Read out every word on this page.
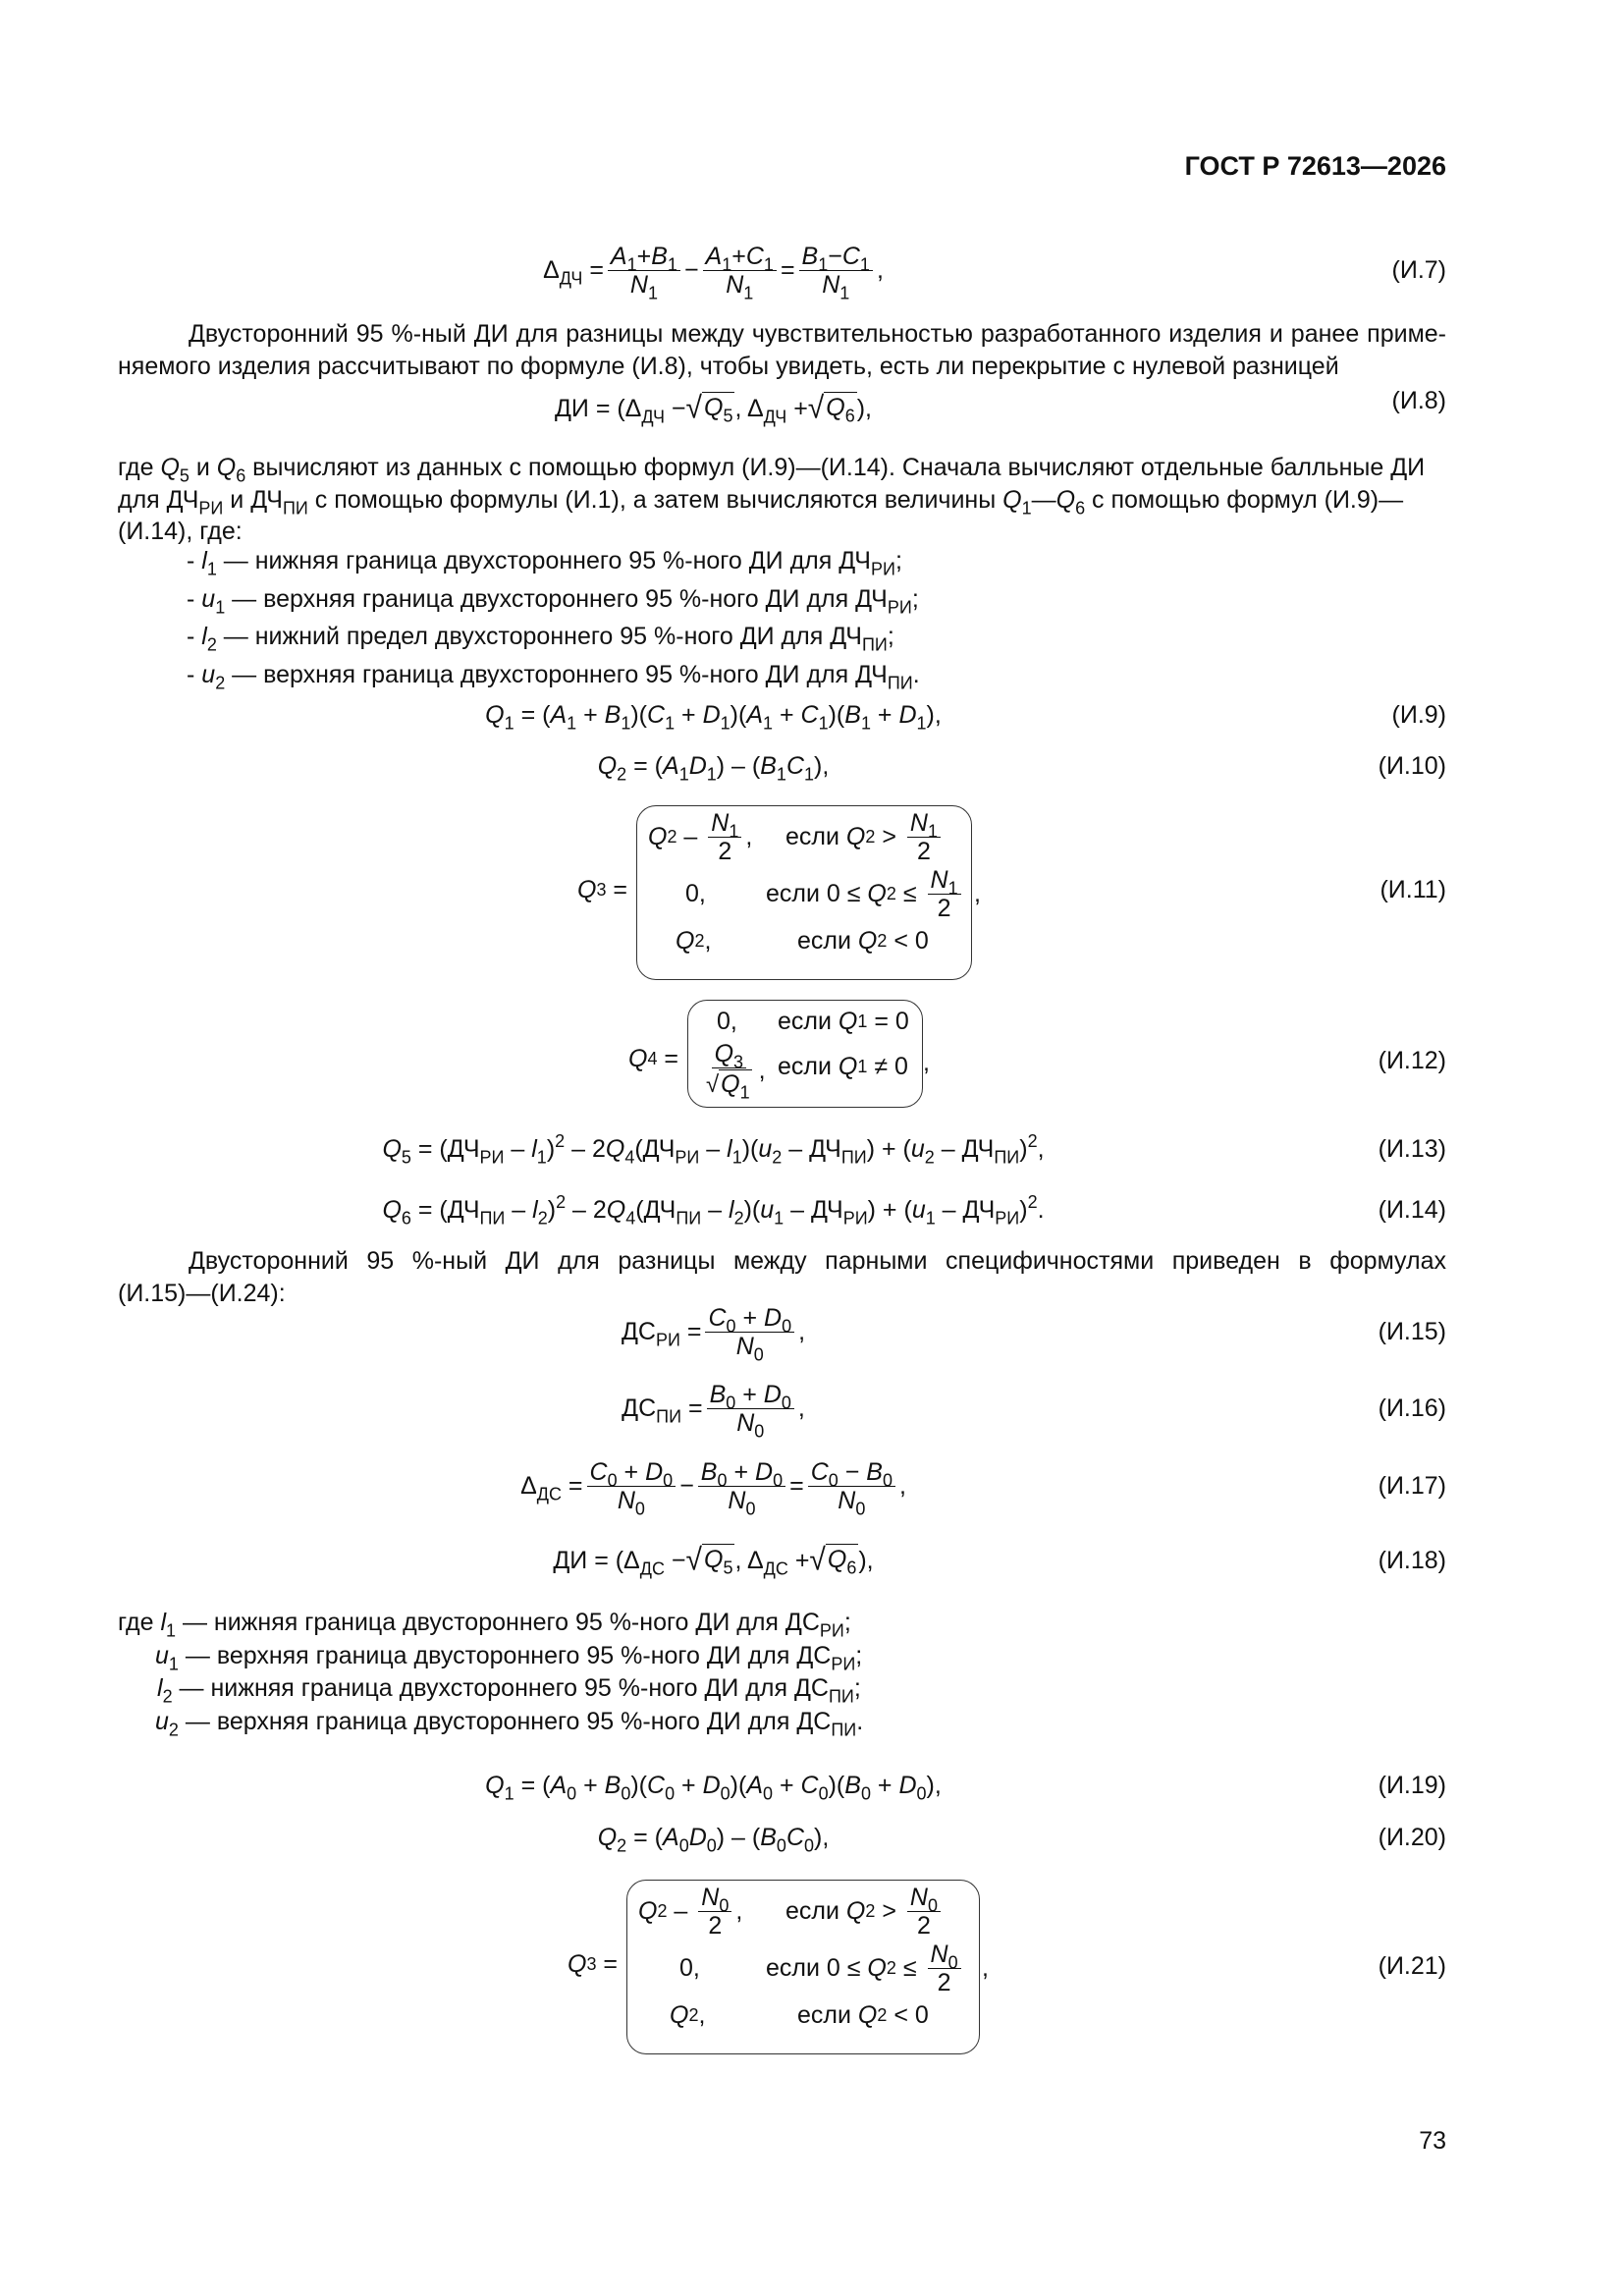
ГОСТ Р 72613—2026
$\Delta_{ДЧ} = \frac{A_1+B_1}{N_1} - \frac{A_1+C_1}{N_1} = \frac{B_1-C_1}{N_1}$ ,	(И.7)
Двусторонний 95 %-ный ДИ для разницы между чувствительностью разработанного изделия и ранее приме-
няемого изделия рассчитывают по формуле (И.8), чтобы увидеть, есть ли перекрытие с нулевой разницей
ДИ = ($\Delta_{ДЧ}$ − √ $Q_5$ , $\Delta_{ДЧ}$ + √ $Q_6$ ),	(И.8)
где $Q_5$ и $Q_6$ вычисляют из данных с помощью формул (И.9)—(И.14). Сначала вычисляют отдельные балльные ДИ
для $ДЧ_{РИ}$ и $ДЧ_{ПИ}$ с помощью формулы (И.1), а затем вычисляются величины $Q_1—Q_6$ с помощью формул (И.9)—
(И.14), где:
- $l_1$ — нижняя граница двухстороннего 95 %-ного ДИ для $ДЧ_{РИ}$;
- $u_1$ — верхняя граница двухстороннего 95 %-ного ДИ для $ДЧ_{РИ}$;
- $l_2$ — нижний предел двухстороннего 95 %-ного ДИ для $ДЧ_{ПИ}$;
- $u_2$ — верхняя граница двухстороннего 95 %-ного ДИ для $ДЧ_{ПИ}$.
$Q_1 = (A_1 + B_1)(C_1 + D_1)(A_1 + C_1)(B_1 + D_1)$,	(И.9)
$Q_2 = (A_1D_1) - (B_1C_1)$,	(И.10)
Q 3 =
Q $2 - \frac{N_1}{2}$ , если Q $2 > \frac{N_1}{2}$
0, если 0 ≤ Q $2 \le \frac{N_1}{2}$
Q 2 ,	если Q 2 < 0
,	(И.11)
Q 4 =
0, если Q 1 = 0
$\frac{Q_3}{√Q_1}$ , если Q 1 ≠ 0 ,	(И.12)
$Q_5 = (ДЧ_{РИ} - l_1)^2 - 2Q_4(ДЧ_{РИ} - l_1)(u_2 - ДЧ_{ПИ}) + (u_2 - ДЧ_{ПИ})^2$,	(И.13)
$Q_6 = (ДЧ_{ПИ} - l_2)^2 - 2Q_4(ДЧ_{ПИ} - l_2)(u_1 - ДЧ_{РИ}) + (u_1 - ДЧ_{РИ})^2$.	(И.14)
Двусторонний 95 %-ный ДИ для разницы между парными специфичностями приведен в формулах
(И.15)—(И.24):
$ДС_{РИ} = \frac{C_0 + D_0}{N_0}$ ,	(И.15)
$ДС_{ПИ} = \frac{B_0 + D_0}{N_0}$ ,	(И.16)
$\Delta_{ДС} = \frac{C_0 + D_0}{N_0} - \frac{B_0 + D_0}{N_0} = \frac{C_0 - B_0}{N_0}$ ,	(И.17)
ДИ = ($\Delta_{ДС}$ − √ $Q_5$ , $\Delta_{ДС}$ + √ $Q_6$ ),	(И.18)
где $l_1$ — нижняя граница двустороннего 95 %-ного ДИ для $ДС_{РИ}$;
$u_1$ — верхняя граница двустороннего 95 %-ного ДИ для $ДС_{РИ}$;
$l_2$ — нижняя граница двухстороннего 95 %-ного ДИ для $ДС_{ПИ}$;
$u_2$ — верхняя граница двустороннего 95 %-ного ДИ для $ДС_{ПИ}$.
$Q_1 = (A_0 + B_0)(C_0 + D_0)(A_0 + C_0)(B_0 + D_0)$,	(И.19)
$Q_2 = (A_0D_0) - (B_0C_0)$,	(И.20)
Q 3 =
Q $2 - \frac{N_0}{2}$ , если Q $2 > \frac{N_0}{2}$
0,	если 0 ≤ Q $2 \le \frac{N_0}{2}$
Q 2 ,	если Q 2 < 0
,	(И.21)
73
